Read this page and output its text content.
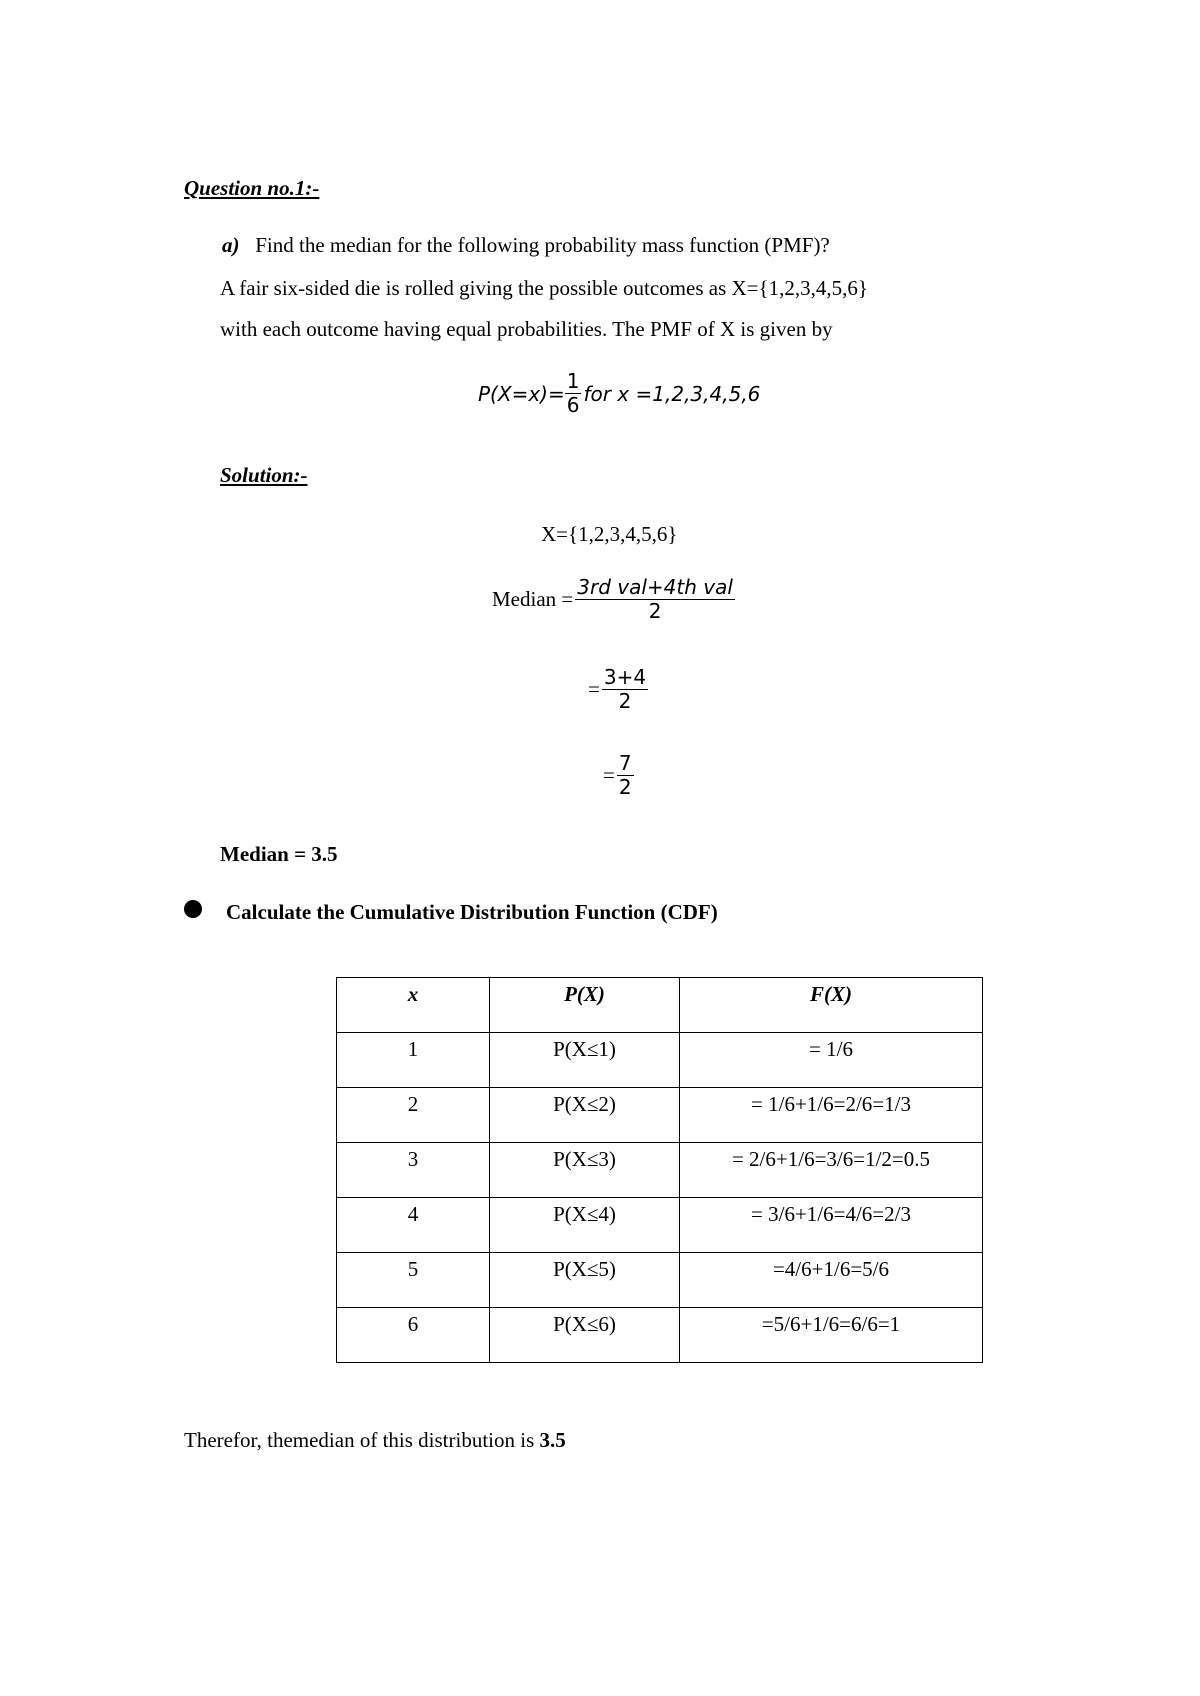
Question no.1:-
a) Find the median for the following probability mass function (PMF)?
A fair six-sided die is rolled giving the possible outcomes as X={1,2,3,4,5,6}
with each outcome having equal probabilities. The PMF of X is given by
$P(X=x)= \frac{1}{6}$ for x =1,2,3,4,5,6
Solution:-
X={1,2,3,4,5,6}
Median = $\frac{\text{3rd val+4th val}}{2}$
= $\frac{3+4}{2}$
= $\frac{7}{2}$
Median = 3.5
Calculate the Cumulative Distribution Function (CDF)
x	P(X)	F(X)
1	P(X≤1)	= 1/6
2	P(X≤2)	= 1/6+1/6=2/6=1/3
3	P(X≤3)	= 2/6+1/6=3/6=1/2=0.5
4	P(X≤4)	= 3/6+1/6=4/6=2/3
5	P(X≤5)	=4/6+1/6=5/6
6	P(X≤6)	=5/6+1/6=6/6=1
Therefor, themedian of this distribution is 3.5
